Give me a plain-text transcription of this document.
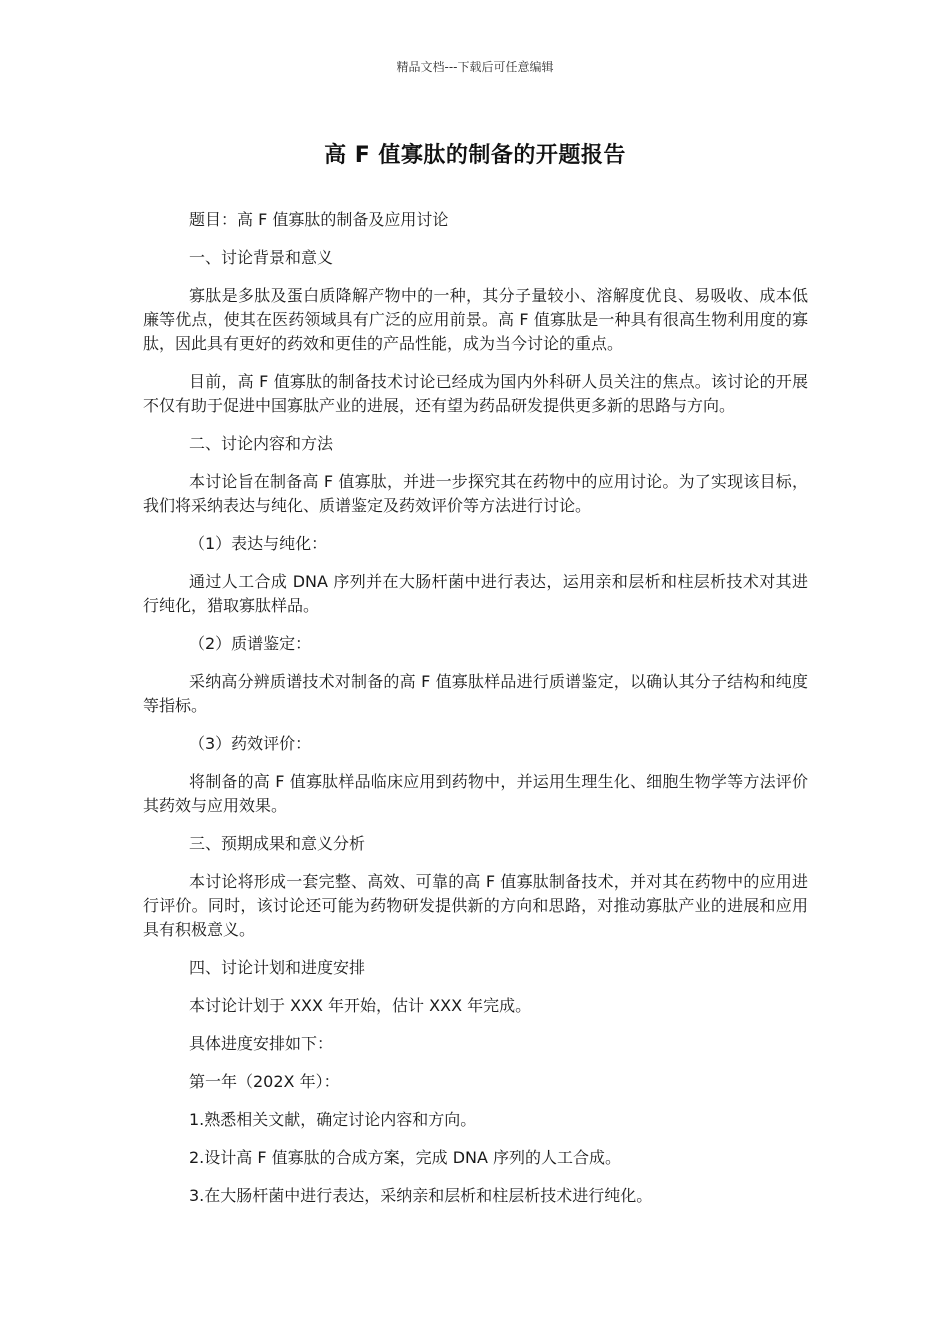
精品文档---下载后可任意编辑
高 F 值寡肽的制备的开题报告

题目：高 F 值寡肽的制备及应用讨论

一、讨论背景和意义

寡肽是多肽及蛋白质降解产物中的一种，其分子量较小、溶解度优良、易吸收、成本低廉等优点，使其在医药领域具有广泛的应用前景。高 F 值寡肽是一种具有很高生物利用度的寡肽，因此具有更好的药效和更佳的产品性能，成为当今讨论的重点。

目前，高 F 值寡肽的制备技术讨论已经成为国内外科研人员关注的焦点。该讨论的开展不仅有助于促进中国寡肽产业的进展，还有望为药品研发提供更多新的思路与方向。

二、讨论内容和方法

本讨论旨在制备高 F 值寡肽，并进一步探究其在药物中的应用讨论。为了实现该目标，我们将采纳表达与纯化、质谱鉴定及药效评价等方法进行讨论。

（1）表达与纯化：

通过人工合成 DNA 序列并在大肠杆菌中进行表达，运用亲和层析和柱层析技术对其进行纯化，猎取寡肽样品。

（2）质谱鉴定：

采纳高分辨质谱技术对制备的高 F 值寡肽样品进行质谱鉴定，以确认其分子结构和纯度等指标。

（3）药效评价：

将制备的高 F 值寡肽样品临床应用到药物中，并运用生理生化、细胞生物学等方法评价其药效与应用效果。

三、预期成果和意义分析

本讨论将形成一套完整、高效、可靠的高 F 值寡肽制备技术，并对其在药物中的应用进行评价。同时，该讨论还可能为药物研发提供新的方向和思路，对推动寡肽产业的进展和应用具有积极意义。

四、讨论计划和进度安排

本讨论计划于 XXX 年开始，估计 XXX 年完成。

具体进度安排如下：

第一年（202X 年）：

1.熟悉相关文献，确定讨论内容和方向。

2.设计高 F 值寡肽的合成方案，完成 DNA 序列的人工合成。

3.在大肠杆菌中进行表达，采纳亲和层析和柱层析技术进行纯化。
